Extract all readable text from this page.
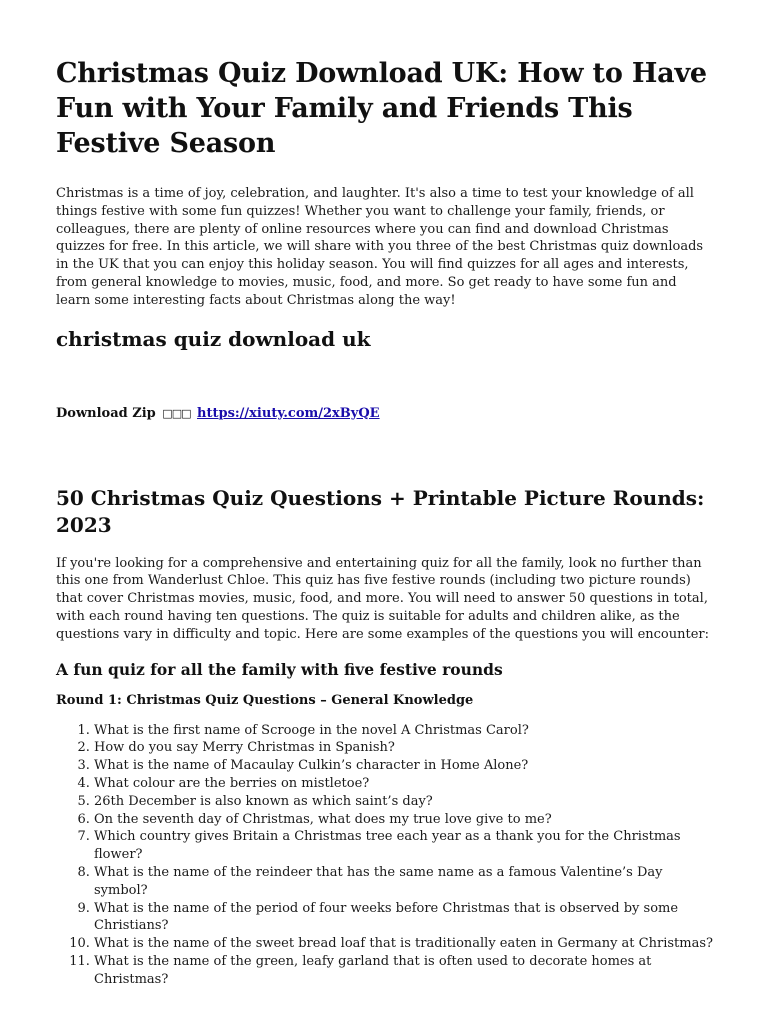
Christmas Quiz Download UK: How to Have Fun with Your Family and Friends This Festive Season

Christmas is a time of joy, celebration, and laughter. It's also a time to test your knowledge of all things festive with some fun quizzes! Whether you want to challenge your family, friends, or colleagues, there are plenty of online resources where you can find and download Christmas quizzes for free. In this article, we will share with you three of the best Christmas quiz downloads in the UK that you can enjoy this holiday season. You will find quizzes for all ages and interests, from general knowledge to movies, music, food, and more. So get ready to have some fun and learn some interesting facts about Christmas along the way!

christmas quiz download uk
Download Zip □□□ https://xiuty.com/2xByQE
50 Christmas Quiz Questions + Printable Picture Rounds: 2023

If you're looking for a comprehensive and entertaining quiz for all the family, look no further than this one from Wanderlust Chloe. This quiz has five festive rounds (including two picture rounds) that cover Christmas movies, music, food, and more. You will need to answer 50 questions in total, with each round having ten questions. The quiz is suitable for adults and children alike, as the questions vary in difficulty and topic. Here are some examples of the questions you will encounter:

A fun quiz for all the family with five festive rounds
Round 1: Christmas Quiz Questions – General Knowledge
1. What is the first name of Scrooge in the novel A Christmas Carol?
2. How do you say Merry Christmas in Spanish?
3. What is the name of Macaulay Culkin’s character in Home Alone?
4. What colour are the berries on mistletoe?
5. 26th December is also known as which saint’s day?
6. On the seventh day of Christmas, what does my true love give to me?
7. Which country gives Britain a Christmas tree each year as a thank you for the Christmas flower?
8. What is the name of the reindeer that has the same name as a famous Valentine’s Day symbol?
9. What is the name of the period of four weeks before Christmas that is observed by some Christians?
10. What is the name of the sweet bread loaf that is traditionally eaten in Germany at Christmas?
11. What is the name of the green, leafy garland that is often used to decorate homes at Christmas?
